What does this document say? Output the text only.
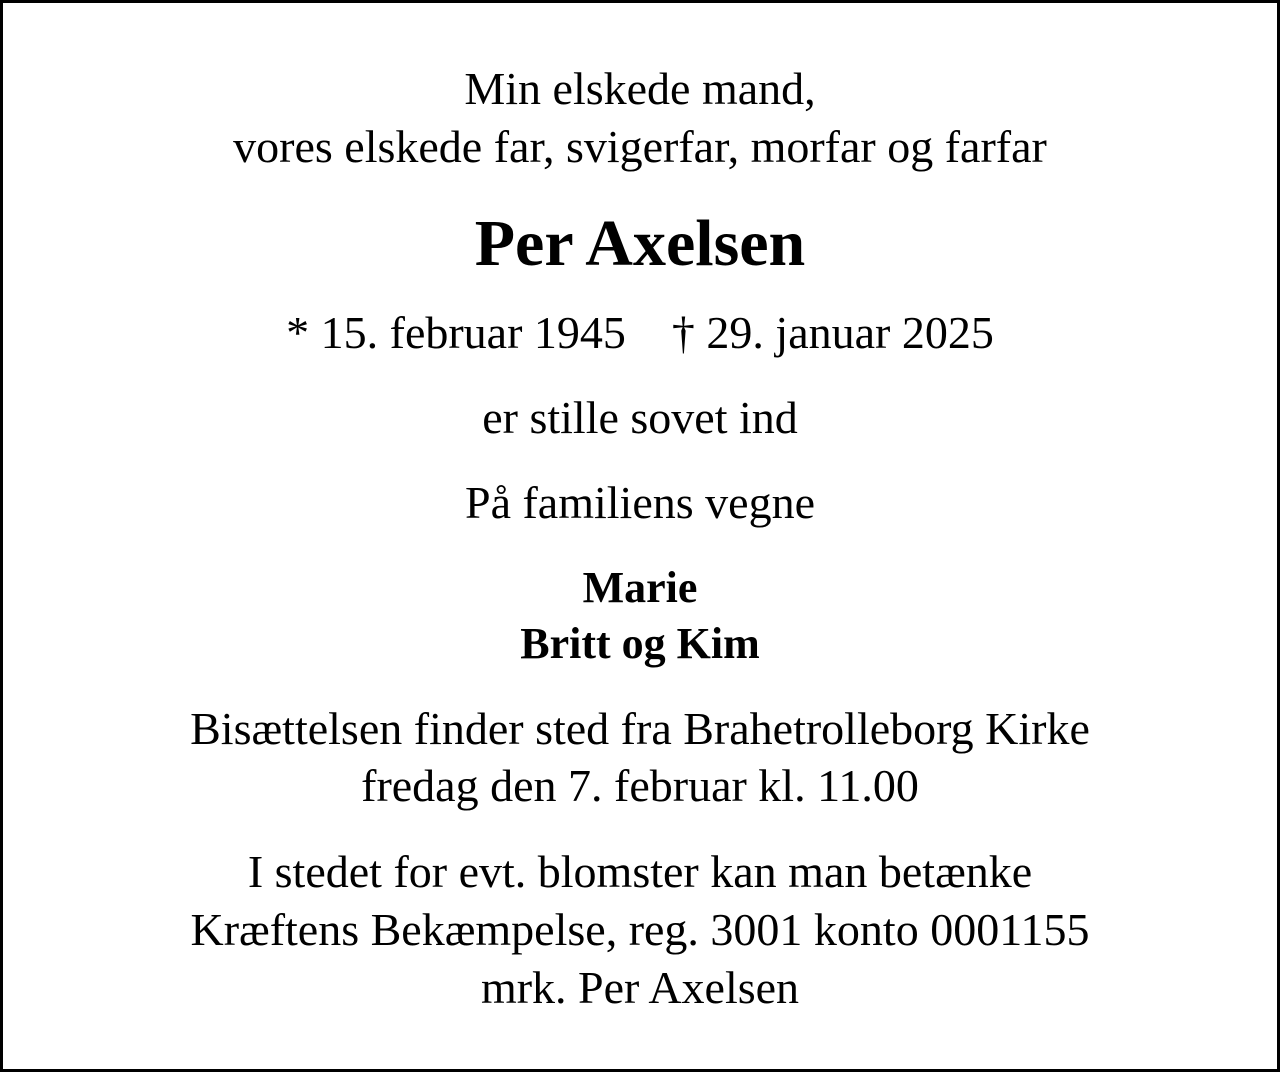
Min elskede mand,
vores elskede far, svigerfar, morfar og farfar
Per Axelsen
* 15. februar 1945 † 29. januar 2025
er stille sovet ind
På familiens vegne
Marie
Britt og Kim
Bisættelsen finder sted fra Brahetrolleborg Kirke
fredag den 7. februar kl. 11.00
I stedet for evt. blomster kan man betænke
Kræftens Bekæmpelse, reg. 3001 konto 0001155
mrk. Per Axelsen
